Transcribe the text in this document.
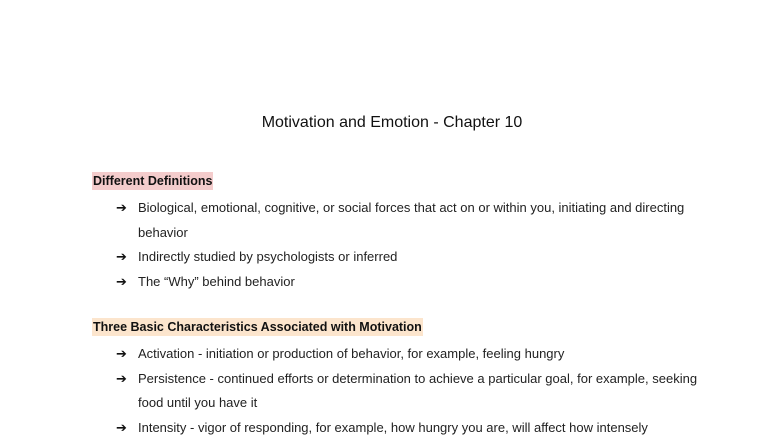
Motivation and Emotion - Chapter 10
Different Definitions
➔ Biological, emotional, cognitive, or social forces that act on or within you, initiating and directing behavior
➔ Indirectly studied by psychologists or inferred
➔ The “Why” behind behavior
Three Basic Characteristics Associated with Motivation
➔ Activation - initiation or production of behavior, for example, feeling hungry
➔ Persistence - continued efforts or determination to achieve a particular goal, for example, seeking food until you have it
➔ Intensity - vigor of responding, for example, how hungry you are, will affect how intensely
